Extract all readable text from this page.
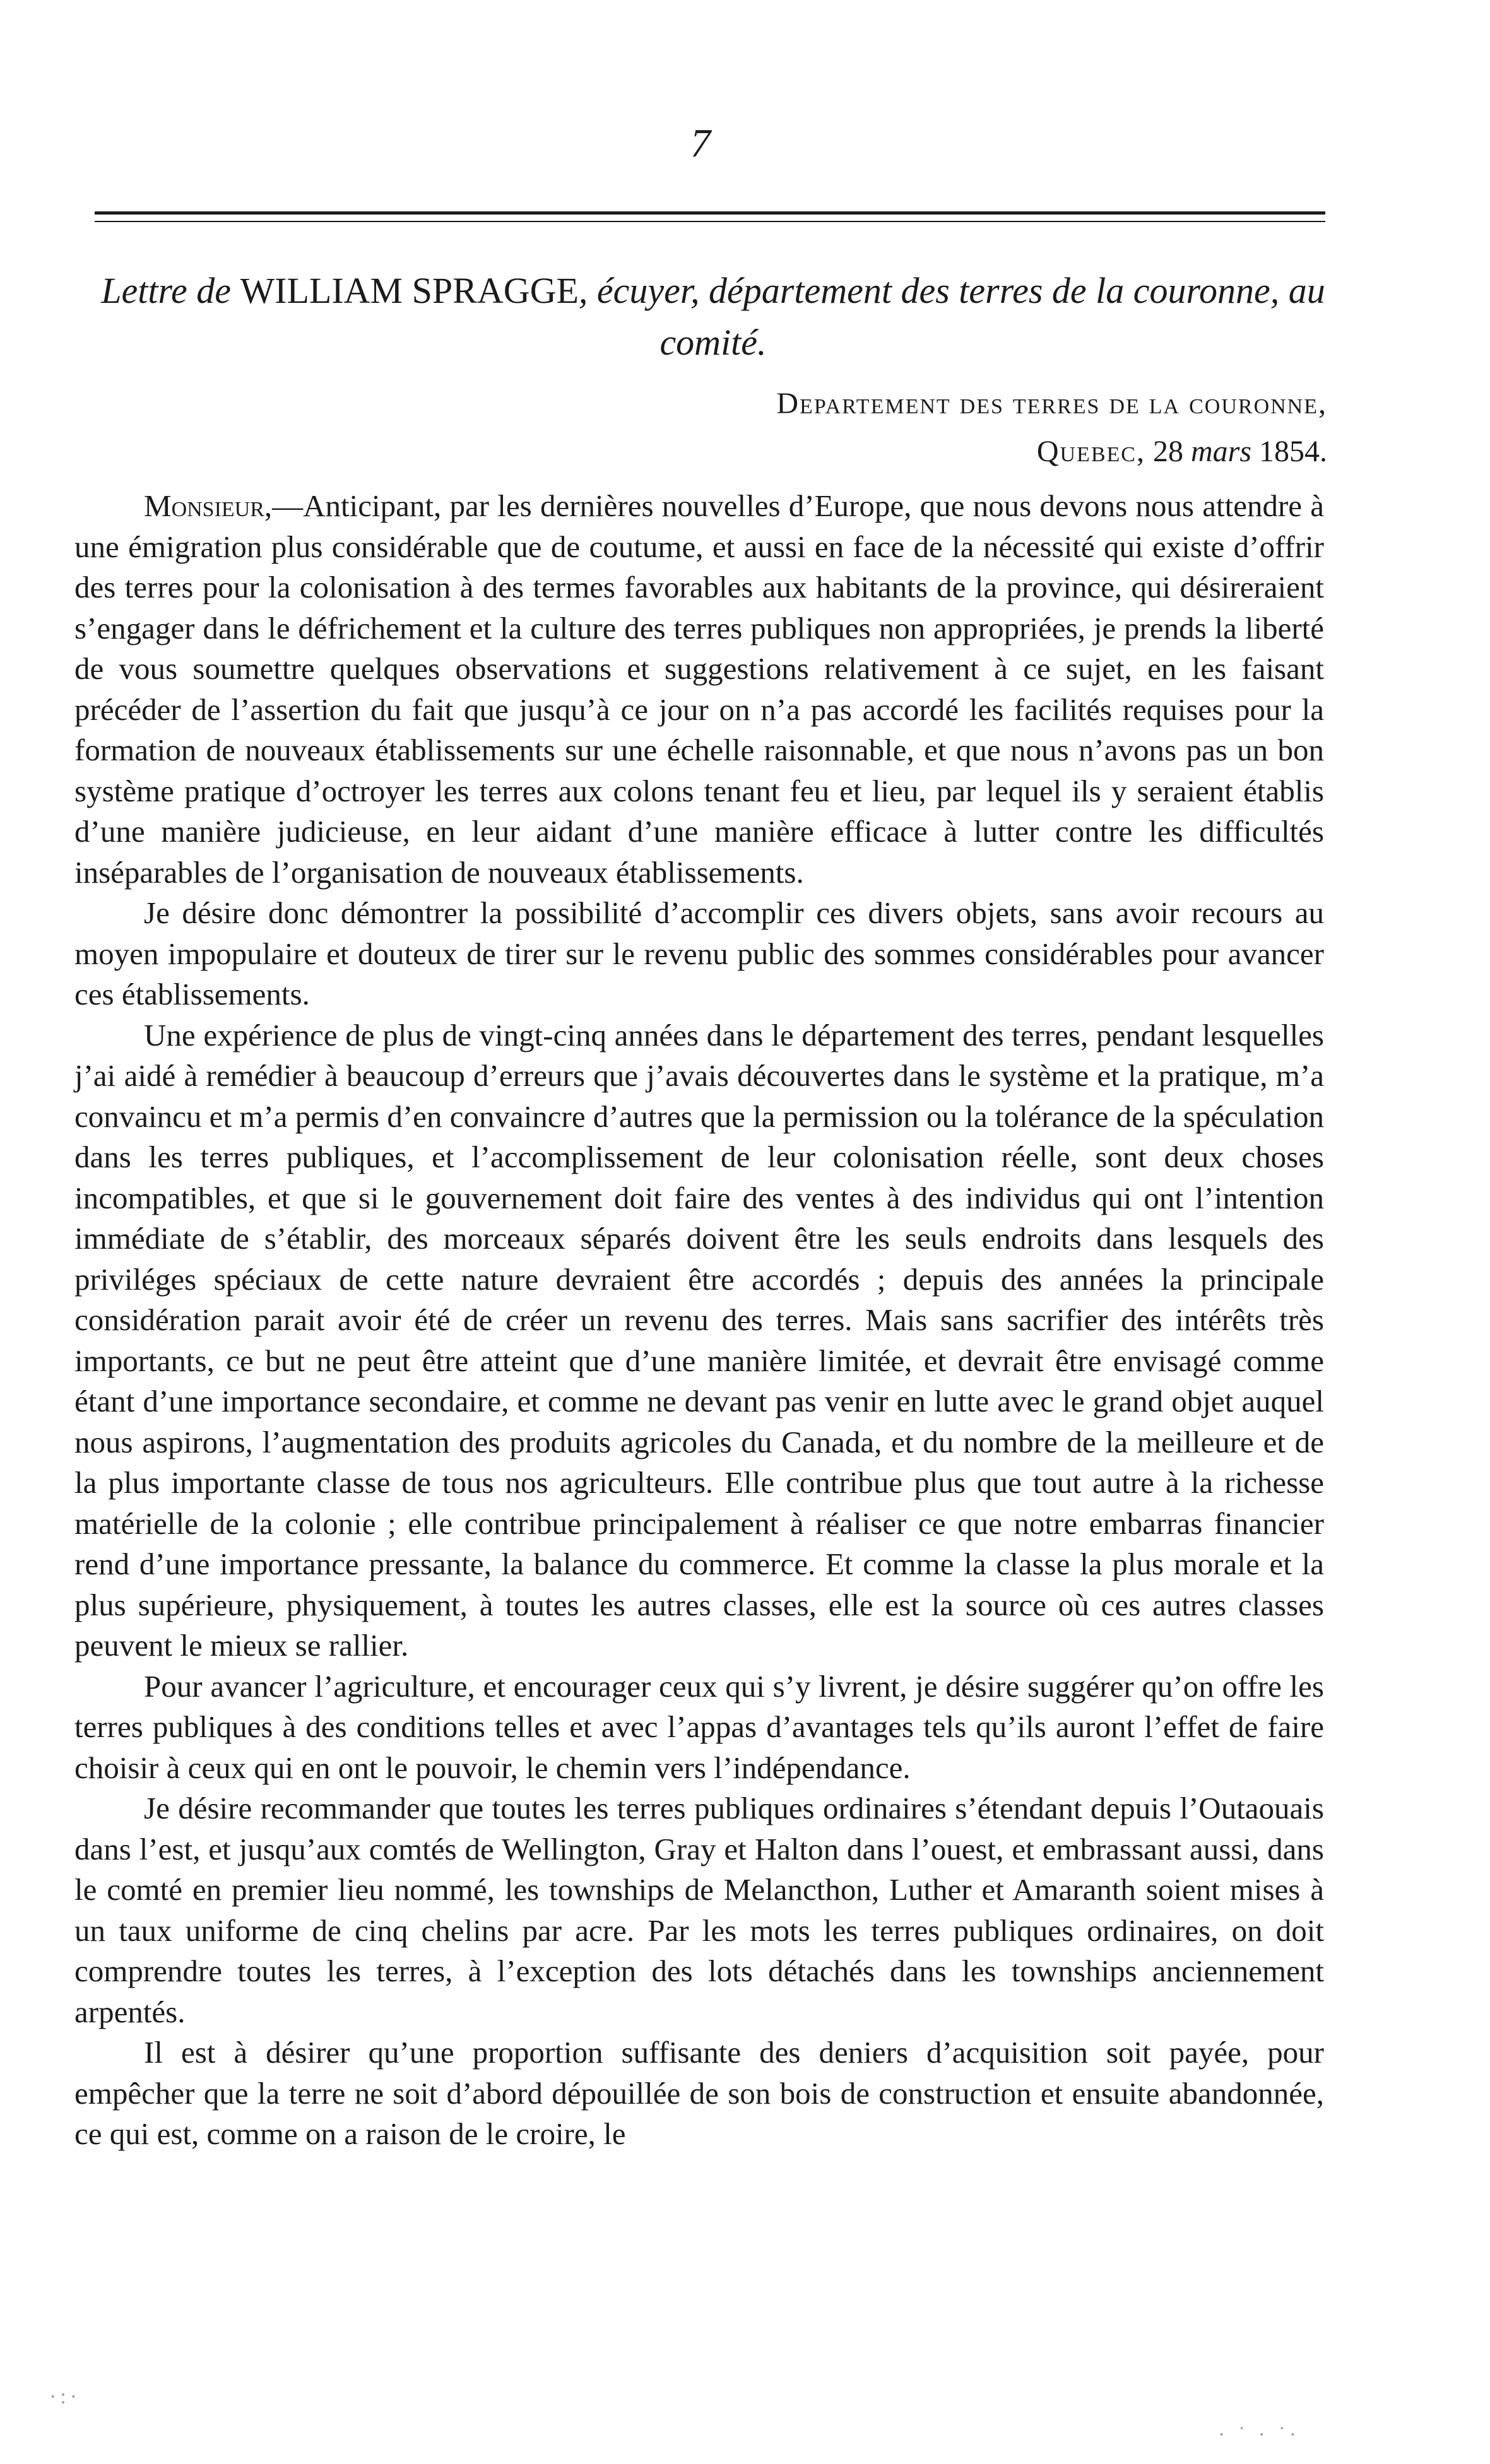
7
Lettre de WILLIAM SPRAGGE, écuyer, département des terres de la couronne, au comité.
Departement des terres de la couronne,
Quebec, 28 mars 1854.

Monsieur,—Anticipant, par les dernières nouvelles d’Europe, que nous devons nous attendre à une émigration plus considérable que de coutume, et aussi en face de la nécessité qui existe d’offrir des terres pour la colonisation à des termes favorables aux habitants de la province, qui désireraient s’engager dans le défrichement et la culture des terres publiques non appropriées, je prends la liberté de vous soumettre quelques observations et suggestions relativement à ce sujet, en les faisant précéder de l’assertion du fait que jusqu’à ce jour on n’a pas accordé les facilités requises pour la formation de nouveaux établissements sur une échelle raisonnable, et que nous n’avons pas un bon système pratique d’octroyer les terres aux colons tenant feu et lieu, par lequel ils y seraient établis d’une manière judicieuse, en leur aidant d’une manière efficace à lutter contre les difficultés inséparables de l’organisation de nouveaux établissements.

Je désire donc démontrer la possibilité d’accomplir ces divers objets, sans avoir recours au moyen impopulaire et douteux de tirer sur le revenu public des sommes considérables pour avancer ces établissements.

Une expérience de plus de vingt-cinq années dans le département des terres, pendant lesquelles j’ai aidé à remédier à beaucoup d’erreurs que j’avais découvertes dans le système et la pratique, m’a convaincu et m’a permis d’en convaincre d’autres que la permission ou la tolérance de la spéculation dans les terres publiques, et l’accomplissement de leur colonisation réelle, sont deux choses incompatibles, et que si le gouvernement doit faire des ventes à des individus qui ont l’intention immédiate de s’établir, des morceaux séparés doivent être les seuls endroits dans lesquels des priviléges spéciaux de cette nature devraient être accordés ; depuis des années la principale considération parait avoir été de créer un revenu des terres. Mais sans sacrifier des intérêts très importants, ce but ne peut être atteint que d’une manière limitée, et devrait être envisagé comme étant d’une importance secondaire, et comme ne devant pas venir en lutte avec le grand objet auquel nous aspirons, l’augmentation des produits agricoles du Canada, et du nombre de la meilleure et de la plus importante classe de tous nos agriculteurs. Elle contribue plus que tout autre à la richesse matérielle de la colonie ; elle contribue principalement à réaliser ce que notre embarras financier rend d’une importance pressante, la balance du commerce. Et comme la classe la plus morale et la plus supérieure, physiquement, à toutes les autres classes, elle est la source où ces autres classes peuvent le mieux se rallier.

Pour avancer l’agriculture, et encourager ceux qui s’y livrent, je désire suggérer qu’on offre les terres publiques à des conditions telles et avec l’appas d’avantages tels qu’ils auront l’effet de faire choisir à ceux qui en ont le pouvoir, le chemin vers l’indépendance.

Je désire recommander que toutes les terres publiques ordinaires s’étendant depuis l’Outaouais dans l’est, et jusqu’aux comtés de Wellington, Gray et Halton dans l’ouest, et embrassant aussi, dans le comté en premier lieu nommé, les townships de Melancthon, Luther et Amaranth soient mises à un taux uniforme de cinq chelins par acre. Par les mots les terres publiques ordinaires, on doit comprendre toutes les terres, à l’exception des lots détachés dans les townships anciennement arpentés.

Il est à désirer qu’une proportion suffisante des deniers d’acquisition soit payée, pour empêcher que la terre ne soit d’abord dépouillée de son bois de construction et ensuite abandonnée, ce qui est, comme on a raison de le croire, le

·:·
· ˙ · ˙·
